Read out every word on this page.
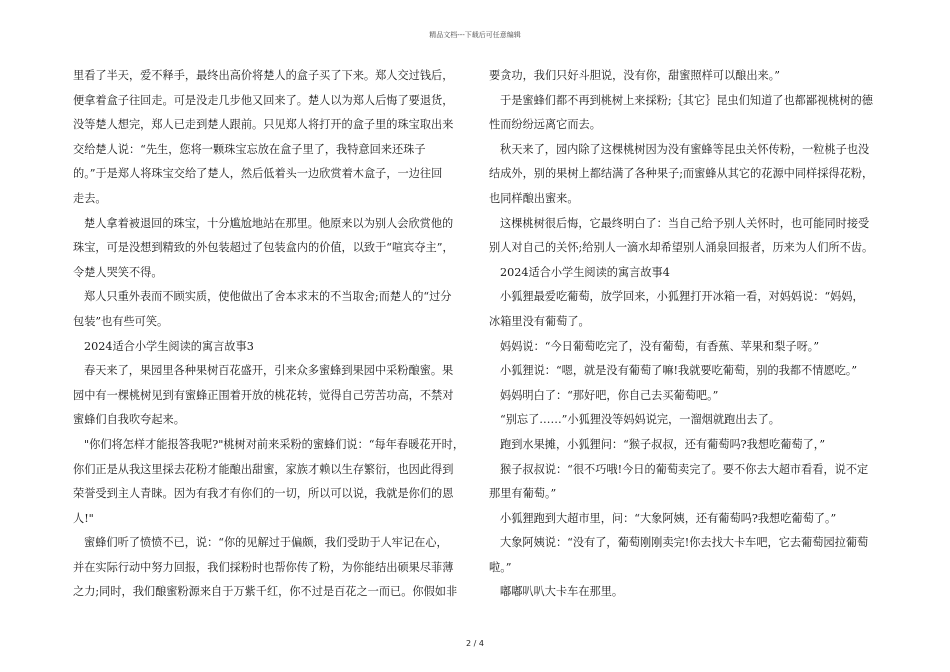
精品文档---下载后可任意编辑

里看了半天，爱不释手，最终出高价将楚人的盒子买了下来。郑人交过钱后，

便拿着盒子往回走。可是没走几步他又回来了。楚人以为郑人后悔了要退货，

没等楚人想完，郑人已走到楚人跟前。只见郑人将打开的盒子里的珠宝取出来

交给楚人说：“先生，您将一颗珠宝忘放在盒子里了，我特意回来还珠子

的。”于是郑人将珠宝交给了楚人，然后低着头一边欣赏着木盒子，一边往回

走去。

楚人拿着被退回的珠宝，十分尴尬地站在那里。他原来以为别人会欣赏他的

珠宝，可是没想到精致的外包装超过了包装盒内的价值，以致于“喧宾夺主”，

令楚人哭笑不得。

郑人只重外表而不顾实质，使他做出了舍本求末的不当取舍;而楚人的“过分

包装”也有些可笑。

2024适合小学生阅读的寓言故事3

春天来了，果园里各种果树百花盛开，引来众多蜜蜂到果园中采粉酿蜜。果

园中有一棵桃树见到有蜜蜂正围着开放的桃花转，觉得自己劳苦功高，不禁对

蜜蜂们自我吹夸起来。

"你们将怎样才能报答我呢?"桃树对前来采粉的蜜蜂们说：“每年春暖花开时，

你们正是从我这里採去花粉才能酿出甜蜜，家族才赖以生存繁衍，也因此得到

荣誉受到主人青睐。因为有我才有你们的一切，所以可以说，我就是你们的恩

人!"

蜜蜂们听了愤愤不已，说：“你的见解过于偏颇，我们受助于人牢记在心，

并在实际行动中努力回报，我们採粉时也帮你传了粉，为你能结出硕果尽菲薄

之力;同时，我们酿蜜粉源来自于万紫千红，你不过是百花之一而已。你假如非

要贪功，我们只好斗胆说，没有你，甜蜜照样可以酿出来。”

于是蜜蜂们都不再到桃树上来採粉;｛其它｝昆虫们知道了也都鄙视桃树的德

性而纷纷远离它而去。

秋天来了，园内除了这棵桃树因为没有蜜蜂等昆虫关怀传粉，一粒桃子也没

结成外，别的果树上都结满了各种果子;而蜜蜂从其它的花源中同样採得花粉，

也同样酿出蜜来。

这棵桃树很后悔，它最终明白了：当自己给予别人关怀时，也可能同时接受

别人对自己的关怀;给别人一滴水却希望别人涌泉回报者，历来为人们所不齿。

2024适合小学生阅读的寓言故事4

小狐狸最爱吃葡萄，放学回来，小狐狸打开冰箱一看，对妈妈说：“妈妈，

冰箱里没有葡萄了。

妈妈说：“今日葡萄吃完了，没有葡萄，有香蕉、苹果和梨子呀。”

小狐狸说：“嗯，就是没有葡萄了嘛!我就要吃葡萄，别的我都不情愿吃。”

妈妈明白了：“那好吧，你自己去买葡萄吧。”

“别忘了……”小狐狸没等妈妈说完，一溜烟就跑出去了。

跑到水果摊，小狐狸问：“猴子叔叔，还有葡萄吗?我想吃葡萄了，”

猴子叔叔说：“很不巧哦!今日的葡萄卖完了。要不你去大超市看看，说不定

那里有葡萄。”

小狐狸跑到大超市里，问：“大象阿姨，还有葡萄吗?我想吃葡萄了。”

大象阿姨说：“没有了，葡萄刚刚卖完!你去找大卡车吧，它去葡萄园拉葡萄

啦。”

嘟嘟叭叭大卡车在那里。

2 / 4
